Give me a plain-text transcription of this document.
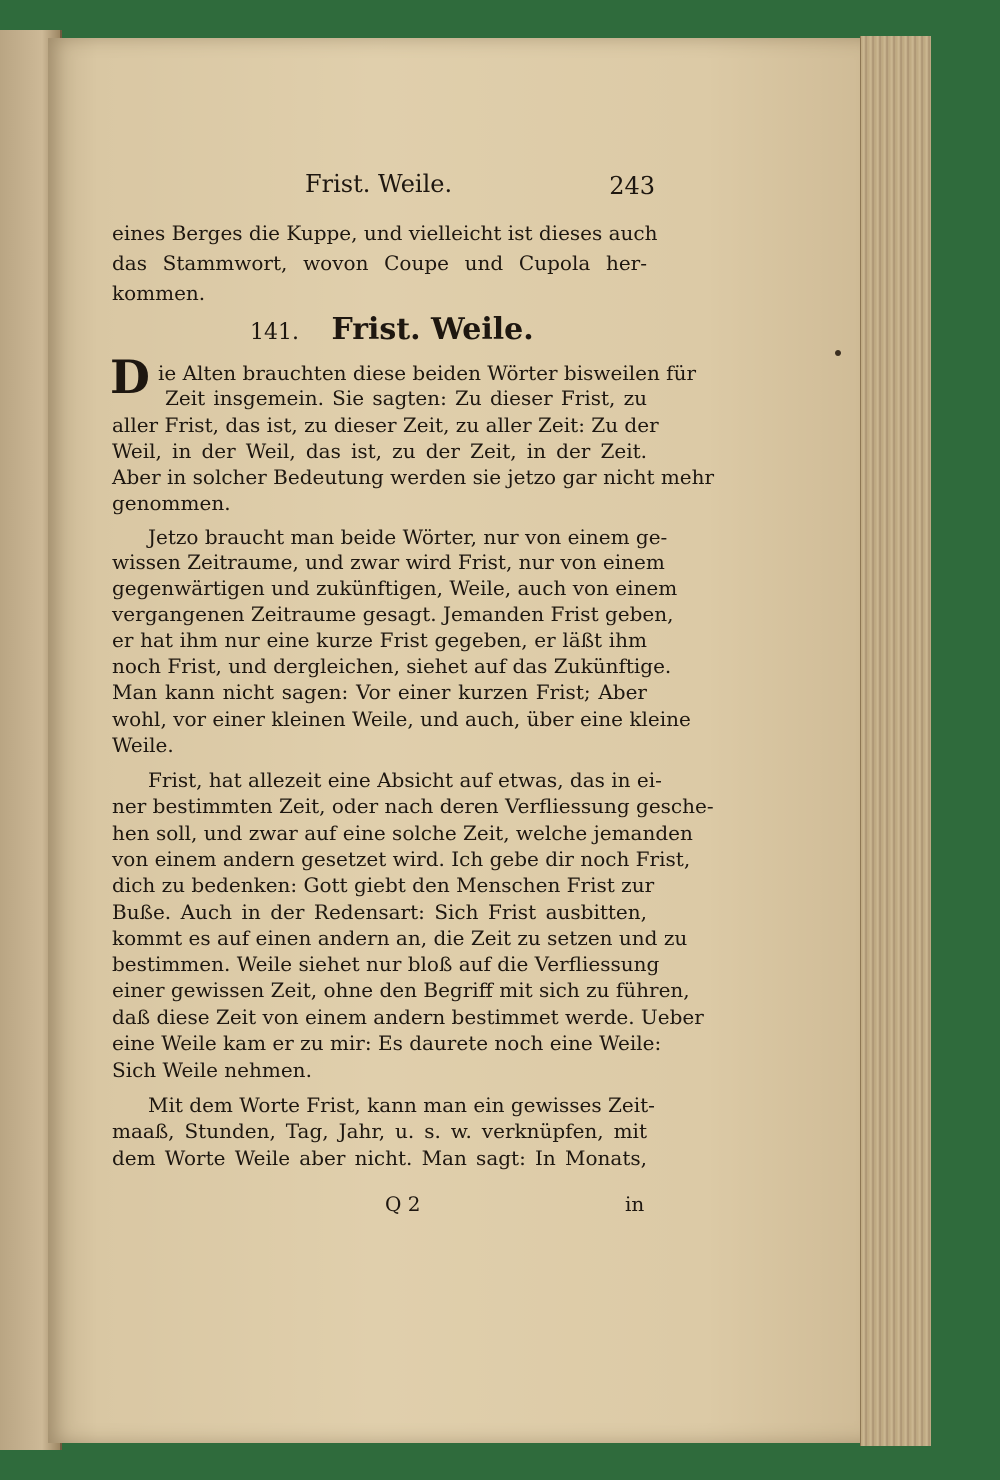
Frist. Weile.	243
eines Berges die Kuppe, und vielleicht ist dieses auch
das Stammwort, wovon Coupe und Cupola her-
kommen.
141. Frist. Weile.
D ie Alten brauchten diese beiden Wörter bisweilen für
Zeit insgemein. Sie sagten: Zu dieser Frist, zu
aller Frist, das ist, zu dieser Zeit, zu aller Zeit: Zu der
Weil, in der Weil, das ist, zu der Zeit, in der Zeit.
Aber in solcher Bedeutung werden sie jetzo gar nicht mehr
genommen.
Jetzo braucht man beide Wörter, nur von einem ge-
wissen Zeitraume, und zwar wird Frist, nur von einem
gegenwärtigen und zukünftigen, Weile, auch von einem
vergangenen Zeitraume gesagt. Jemanden Frist geben,
er hat ihm nur eine kurze Frist gegeben, er läßt ihm
noch Frist, und dergleichen, siehet auf das Zukünftige.
Man kann nicht sagen: Vor einer kurzen Frist; Aber
wohl, vor einer kleinen Weile, und auch, über eine kleine
Weile.
Frist, hat allezeit eine Absicht auf etwas, das in ei-
ner bestimmten Zeit, oder nach deren Verfliessung gesche-
hen soll, und zwar auf eine solche Zeit, welche jemanden
von einem andern gesetzet wird. Ich gebe dir noch Frist,
dich zu bedenken: Gott giebt den Menschen Frist zur
Buße. Auch in der Redensart: Sich Frist ausbitten,
kommt es auf einen andern an, die Zeit zu setzen und zu
bestimmen. Weile siehet nur bloß auf die Verfliessung
einer gewissen Zeit, ohne den Begriff mit sich zu führen,
daß diese Zeit von einem andern bestimmet werde. Ueber
eine Weile kam er zu mir: Es daurete noch eine Weile:
Sich Weile nehmen.
Mit dem Worte Frist, kann man ein gewisses Zeit-
maaß, Stunden, Tag, Jahr, u. s. w. verknüpfen, mit
dem Worte Weile aber nicht. Man sagt: In Monats,
Q 2	in
